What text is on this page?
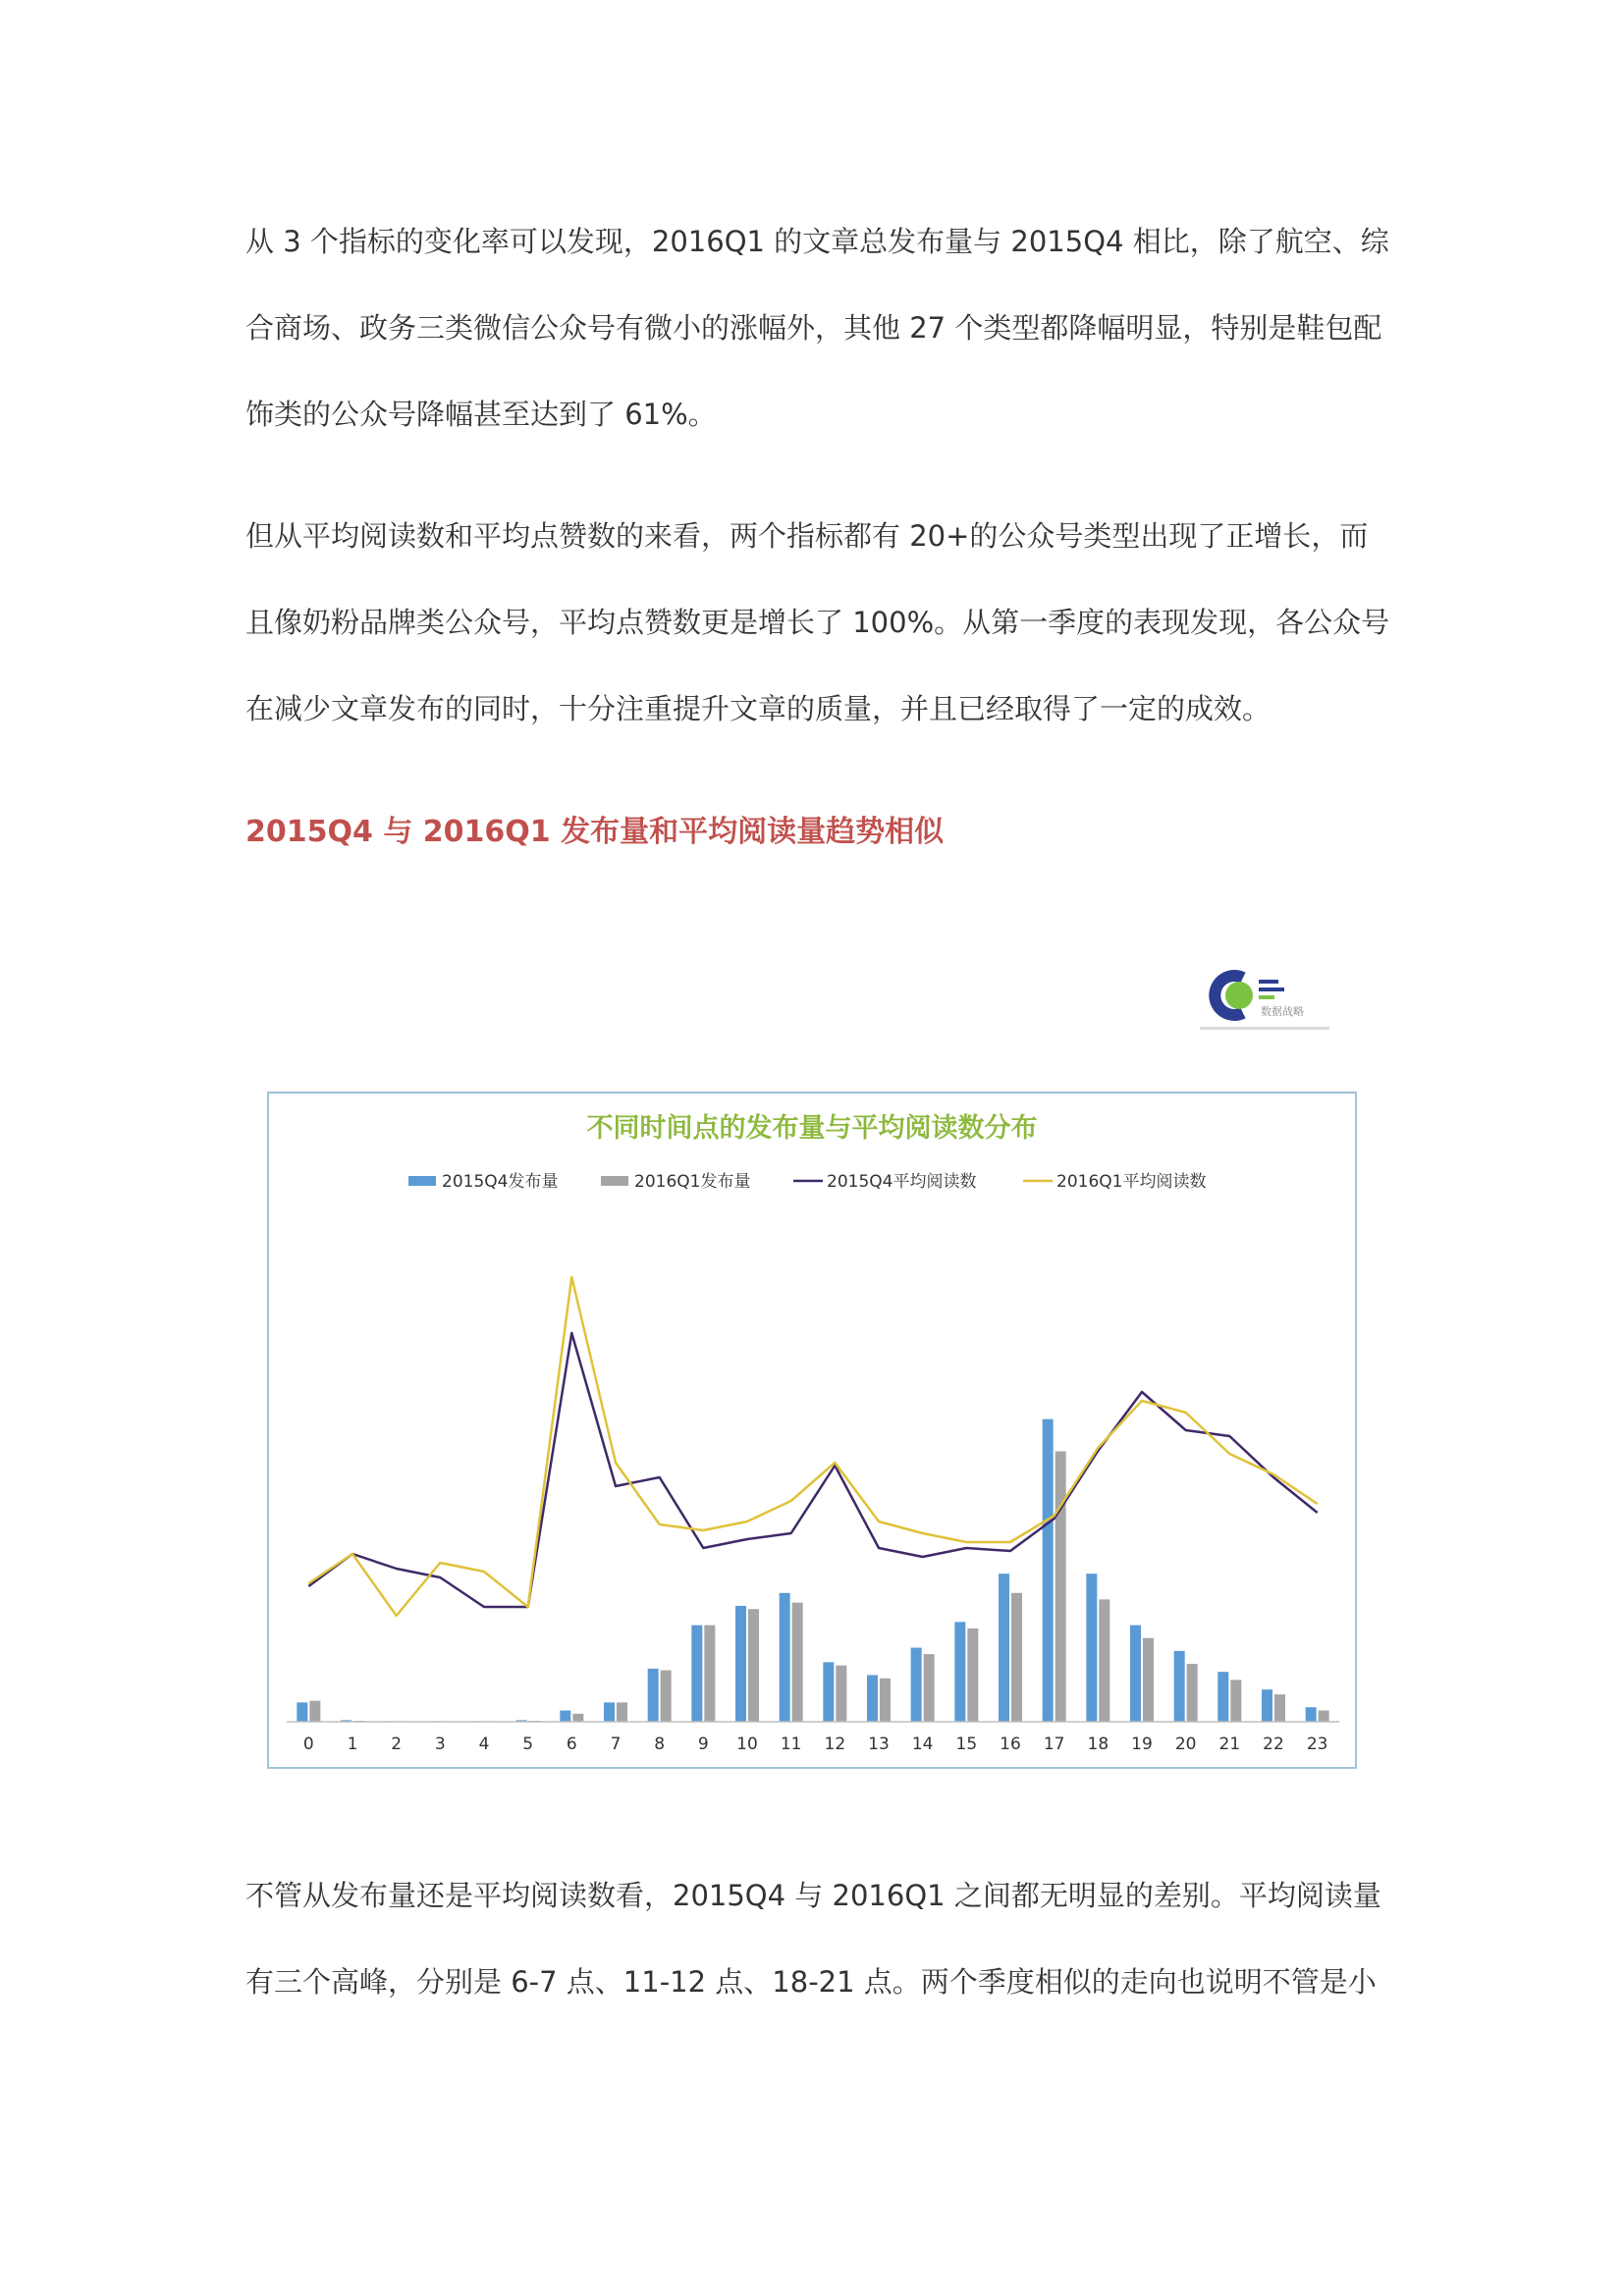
从 3 个指标的变化率可以发现，2016Q1 的文章总发布量与 2015Q4 相比，除了航空、综
合商场、政务三类微信公众号有微小的涨幅外，其他 27 个类型都降幅明显，特别是鞋包配
饰类的公众号降幅甚至达到了 61%。
但从平均阅读数和平均点赞数的来看，两个指标都有 20+的公众号类型出现了正增长，而
且像奶粉品牌类公众号，平均点赞数更是增长了 100%。从第一季度的表现发现，各公众号
在减少文章发布的同时，十分注重提升文章的质量，并且已经取得了一定的成效。
2015Q4 与 2016Q1 发布量和平均阅读量趋势相似
数据战略
不同时间点的发布量与平均阅读数分布
2015Q4发布量	2016Q1发布量	2015Q4平均阅读数	2016Q1平均阅读数
0 1 2 3 4 5 6 7 8 9 10 11 12 13 14 15 16 17 18 19 20 21 22 23
不管从发布量还是平均阅读数看，2015Q4 与 2016Q1 之间都无明显的差别。平均阅读量
有三个高峰，分别是 6-7 点、11-12 点、18-21 点。两个季度相似的走向也说明不管是小
